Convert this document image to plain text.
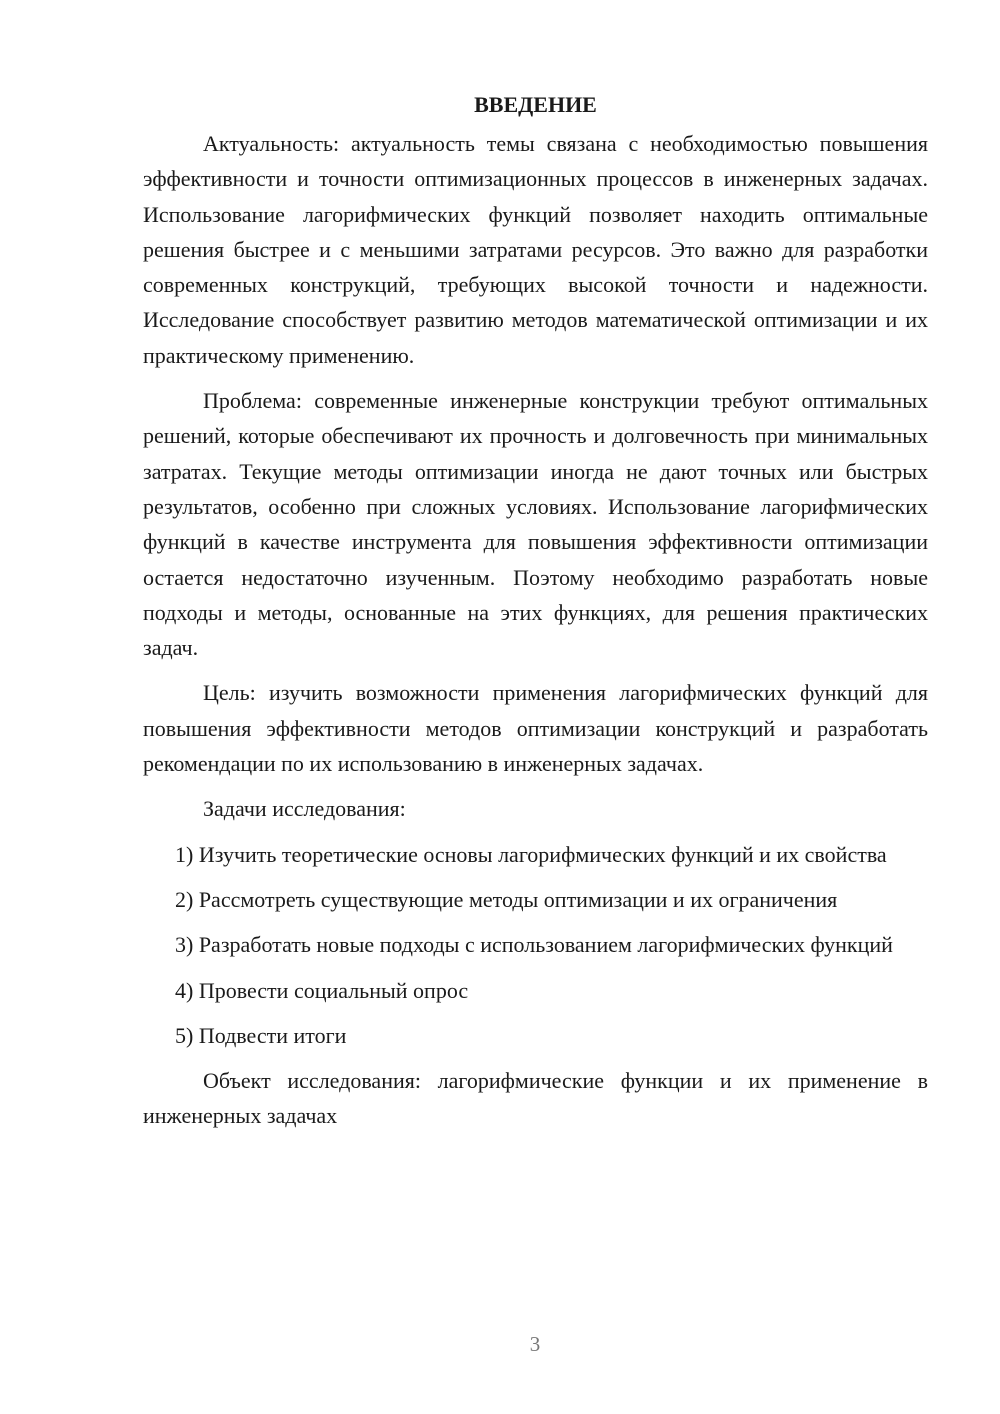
ВВЕДЕНИЕ

Актуальность: актуальность темы связана с необходимостью повышения эффективности и точности оптимизационных процессов в инженерных задачах. Использование лагорифмических функций позволяет находить оптимальные решения быстрее и с меньшими затратами ресурсов. Это важно для разработки современных конструкций, требующих высокой точности и надежности. Исследование способствует развитию методов математической оптимизации и их практическому применению.

Проблема: современные инженерные конструкции требуют оптимальных решений, которые обеспечивают их прочность и долговечность при минимальных затратах. Текущие методы оптимизации иногда не дают точных или быстрых результатов, особенно при сложных условиях. Использование лагорифмических функций в качестве инструмента для повышения эффективности оптимизации остается недостаточно изученным. Поэтому необходимо разработать новые подходы и методы, основанные на этих функциях, для решения практических задач.

Цель: изучить возможности применения лагорифмических функций для повышения эффективности методов оптимизации конструкций и разработать рекомендации по их использованию в инженерных задачах.

Задачи исследования:

1) Изучить теоретические основы лагорифмических функций и их свойства

2) Рассмотреть существующие методы оптимизации и их ограничения

3) Разработать новые подходы с использованием лагорифмических функций

4) Провести социальный опрос

5) Подвести итоги

Объект исследования: лагорифмические функции и их применение в инженерных задачах

3
